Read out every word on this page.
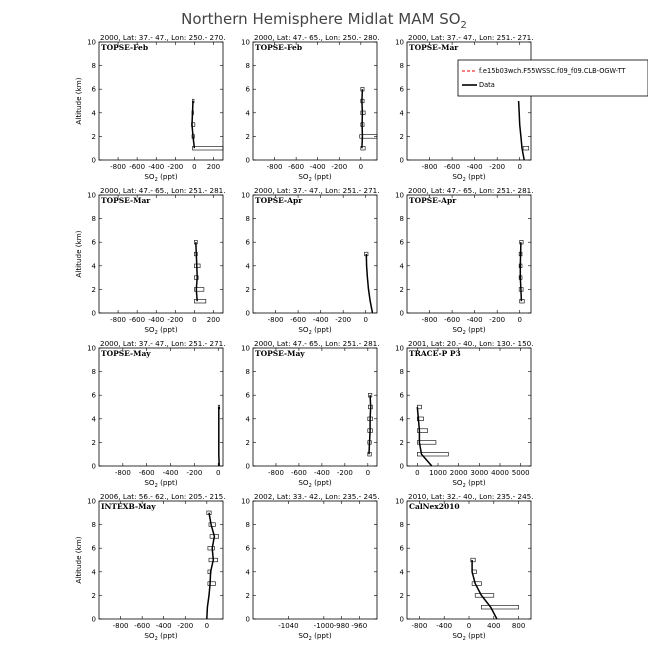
Northern Hemisphere Midlat MAM $SO_2$
2000, Lat: 37.- 47., Lon: 250.- 270.
TOPSE-Feb
0
2
4
6
8
10
-800 -600 -400 -200 0 200
$SO_2$ (ppt)
Altitude (km)
2000, Lat: 47.- 65., Lon: 250.- 280.
TOPSE-Feb
0
2
4
6
8
10
-800 -600 -400 -200 0
$SO_2$ (ppt)
2000, Lat: 37.- 47., Lon: 251.- 271.
TOPSE-Mar
0
2
4
6
8
10
-800 -600 -400 -200 0
$SO_2$ (ppt)
2000, Lat: 47.- 65., Lon: 251.- 281.
TOPSE-Mar
0
2
4
6
8
10
-800 -600 -400 -200 0 200
$SO_2$ (ppt)
Altitude (km)
2000, Lat: 37.- 47., Lon: 251.- 271.
TOPSE-Apr
0
2
4
6
8
10
-800 -600 -400 -200 0
$SO_2$ (ppt)
2000, Lat: 47.- 65., Lon: 251.- 281.
TOPSE-Apr
0
2
4
6
8
10
-800 -600 -400 -200 0
$SO_2$ (ppt)
2000, Lat: 37.- 47., Lon: 251.- 271.
TOPSE-May
0
2
4
6
8
10
-800 -600 -400 -200 0
$SO_2$ (ppt)
2000, Lat: 47.- 65., Lon: 251.- 281.
TOPSE-May
0
2
4
6
8
10
-800 -600 -400 -200 0
$SO_2$ (ppt)
2001, Lat: 20.- 40., Lon: 130.- 150.
TRACE-P P3
0
2
4
6
8
10
0 1000 2000 3000 4000 5000
$SO_2$ (ppt)
2006, Lat: 56.- 62., Lon: 205.- 215.
INTEXB-May
0
2
4
6
8
10
-800 -600 -400 -200 0
$SO_2$ (ppt)
Altitude (km)
2002, Lat: 33.- 42., Lon: 235.- 245.
0
2
4
6
8
10
-1040 -1000 -980 -960
$SO_2$ (ppt)
2010, Lat: 32.- 40., Lon: 235.- 245.
CalNex2010
0
2
4
6
8
10
-800 -400 0 400 800
$SO_2$ (ppt)
f.e15b03wch.F55WSSC.f09_f09.CLB-OGW-TT
Data
